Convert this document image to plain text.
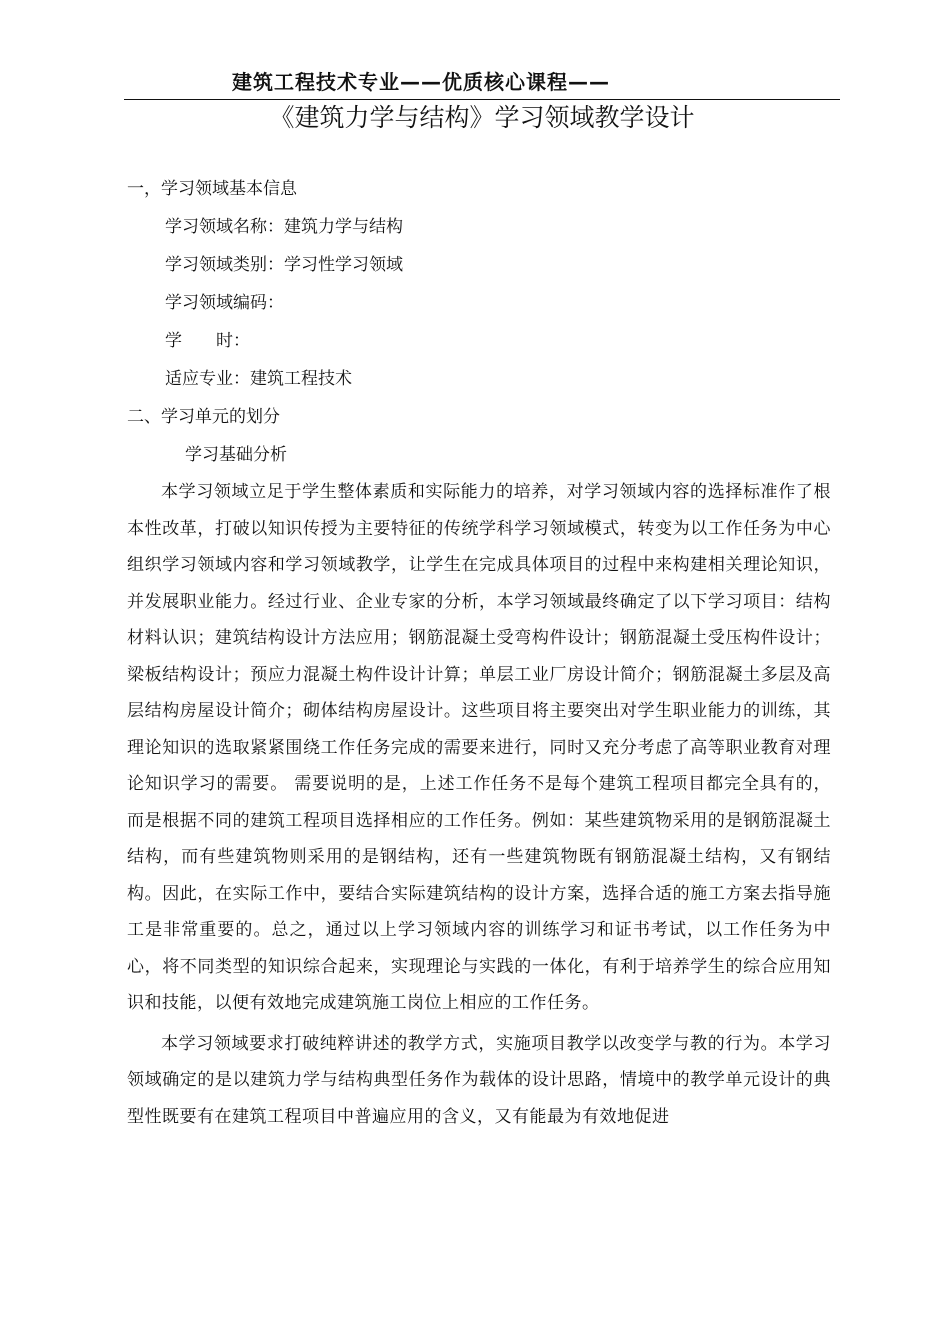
建筑工程技术专业——优质核心课程——
《建筑力学与结构》学习领域教学设计
一，学习领域基本信息
学习领域名称：建筑力学与结构
学习领域类别：学习性学习领域
学习领域编码：
学　　时：
适应专业：建筑工程技术
二、学习单元的划分
学习基础分析
本学习领域立足于学生整体素质和实际能力的培养，对学习领域内容的选择标准作了根本性改革，打破以知识传授为主要特征的传统学科学习领域模式，转变为以工作任务为中心组织学习领域内容和学习领域教学，让学生在完成具体项目的过程中来构建相关理论知识，并发展职业能力。经过行业、企业专家的分析，本学习领域最终确定了以下学习项目：结构材料认识；建筑结构设计方法应用；钢筋混凝土受弯构件设计；钢筋混凝土受压构件设计；梁板结构设计；预应力混凝土构件设计计算；单层工业厂房设计简介；钢筋混凝土多层及高层结构房屋设计简介；砌体结构房屋设计。这些项目将主要突出对学生职业能力的训练，其理论知识的选取紧紧围绕工作任务完成的需要来进行，同时又充分考虑了高等职业教育对理论知识学习的需要。 需要说明的是，上述工作任务不是每个建筑工程项目都完全具有的，而是根据不同的建筑工程项目选择相应的工作任务。例如：某些建筑物采用的是钢筋混凝土结构，而有些建筑物则采用的是钢结构，还有一些建筑物既有钢筋混凝土结构，又有钢结构。因此，在实际工作中，要结合实际建筑结构的设计方案，选择合适的施工方案去指导施工是非常重要的。总之，通过以上学习领域内容的训练学习和证书考试，以工作任务为中心，将不同类型的知识综合起来，实现理论与实践的一体化，有利于培养学生的综合应用知识和技能，以便有效地完成建筑施工岗位上相应的工作任务。
本学习领域要求打破纯粹讲述的教学方式，实施项目教学以改变学与教的行为。本学习领域确定的是以建筑力学与结构典型任务作为载体的设计思路，情境中的教学单元设计的典型性既要有在建筑工程项目中普遍应用的含义，又有能最为有效地促进
